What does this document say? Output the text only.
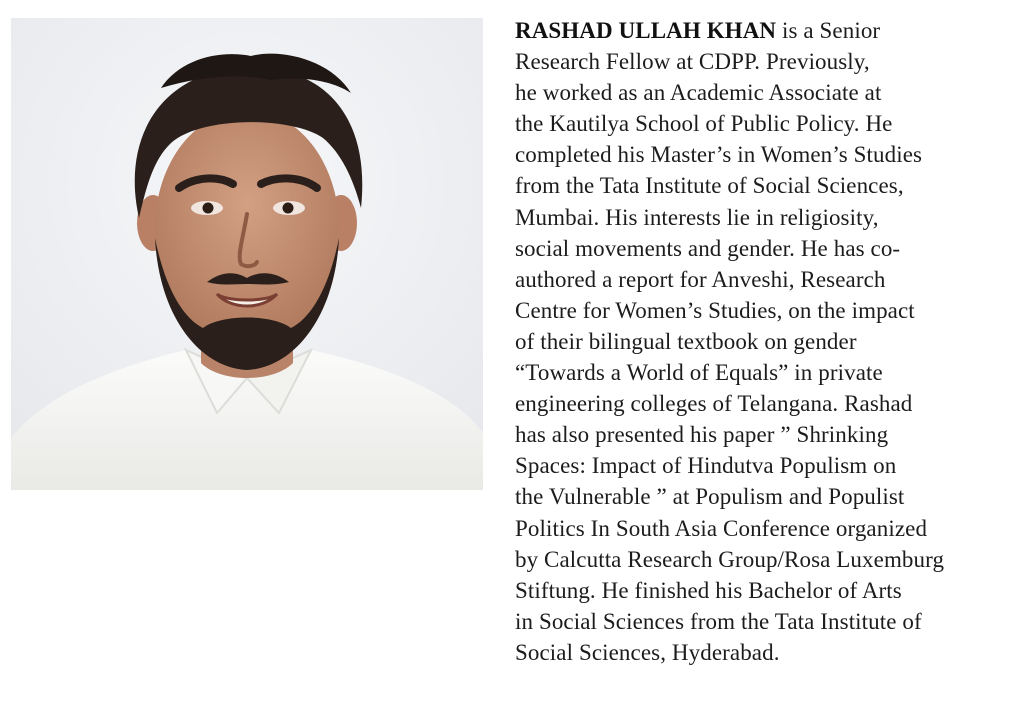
RASHAD ULLAH KHAN is a Senior
Research Fellow at CDPP. Previously,
he worked as an Academic Associate at
the Kautilya School of Public Policy. He
completed his Master’s in Women’s Studies
from the Tata Institute of Social Sciences,
Mumbai. His interests lie in religiosity,
social movements and gender. He has co-
authored a report for Anveshi, Research
Centre for Women’s Studies, on the impact
of their bilingual textbook on gender
“Towards a World of Equals” in private
engineering colleges of Telangana. Rashad
has also presented his paper ” Shrinking
Spaces: Impact of Hindutva Populism on
the Vulnerable ” at Populism and Populist
Politics In South Asia Conference organized
by Calcutta Research Group/Rosa Luxemburg
Stiftung. He finished his Bachelor of Arts
in Social Sciences from the Tata Institute of
Social Sciences, Hyderabad.
